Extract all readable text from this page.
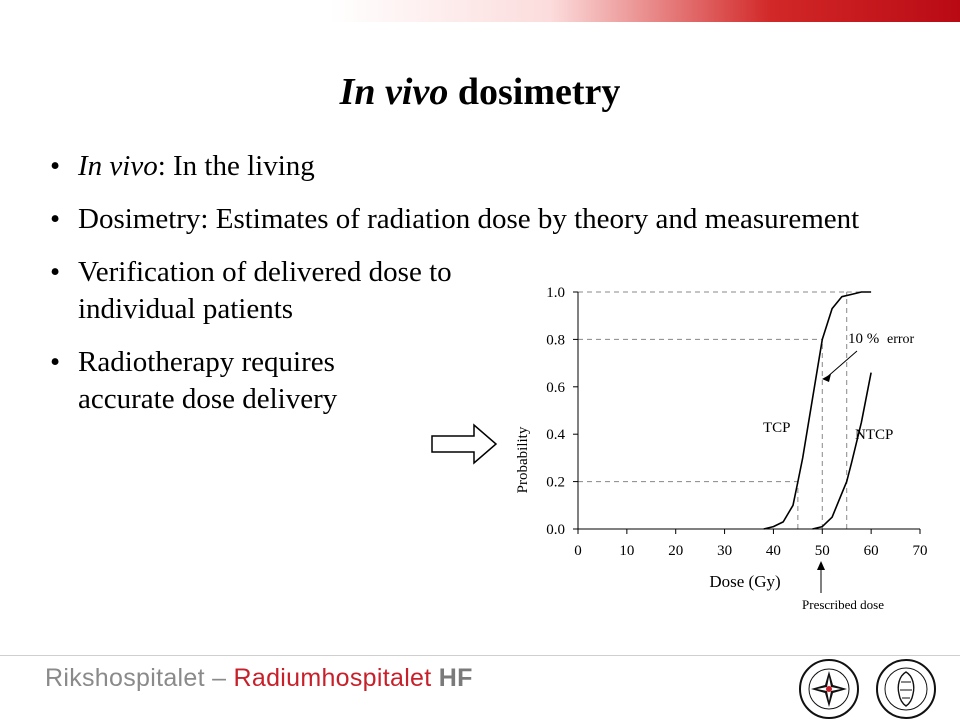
In vivo dosimetry
• In vivo: In the living
• Dosimetry: Estimates of radiation dose by theory and measurement
• Verification of delivered dose to individual patients
• Radiotherapy requires accurate dose delivery
0	10 20 30 40 50 60 70
0.0
0.2
0.4
0.6
0.8
1.0
Probability
Dose (Gy)
TCP	NTCP
10 % error
Prescribed dose
Rikshospitalet – Radiumhospitalet HF
